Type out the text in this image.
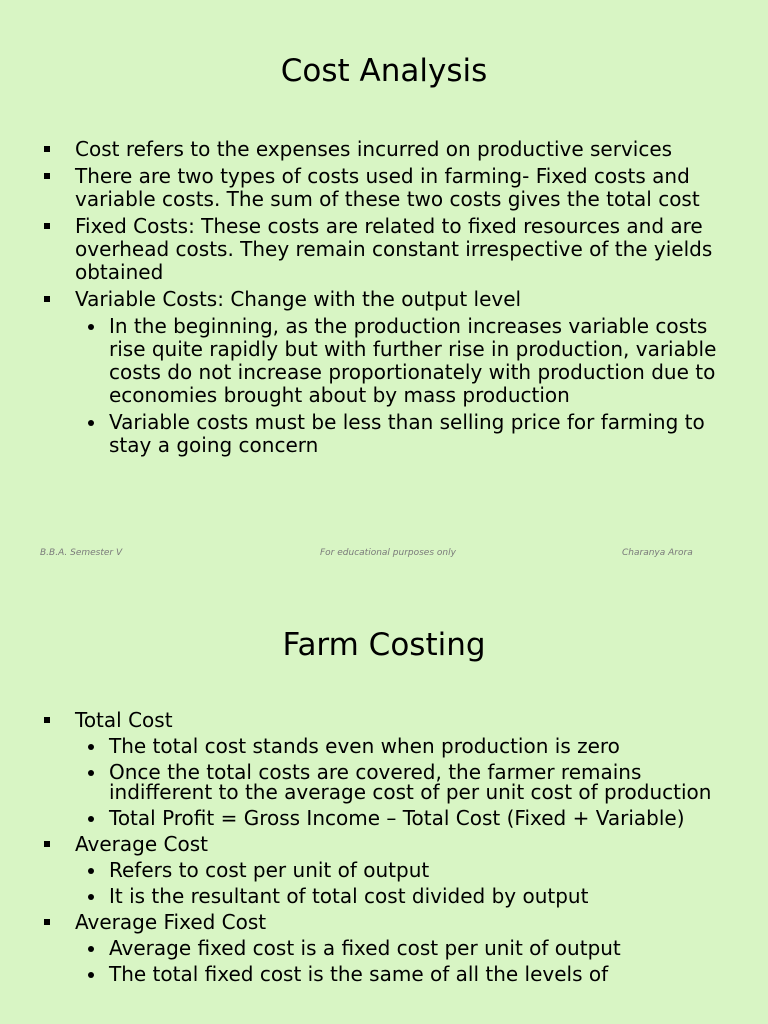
Cost Analysis
Cost refers to the expenses incurred on productive services
There are two types of costs used in farming- Fixed costs and variable costs. The sum of these two costs gives the total cost
Fixed Costs: These costs are related to fixed resources and are overhead costs. They remain constant irrespective of the yields obtained
Variable Costs: Change with the output level
In the beginning, as the production increases variable costs rise quite rapidly but with further rise in production, variable costs do not increase proportionately with production due to economies brought about by mass production
Variable costs must be less than selling price for farming to stay a going concern
B.B.A. Semester V	For educational purposes only	Charanya Arora
Farm Costing
Total Cost
The total cost stands even when production is zero
Once the total costs are covered, the farmer remains indifferent to the average cost of per unit cost of production
Total Profit = Gross Income – Total Cost (Fixed + Variable)
Average Cost
Refers to cost per unit of output
It is the resultant of total cost divided by output
Average Fixed Cost
Average fixed cost is a fixed cost per unit of output
The total fixed cost is the same of all the levels of
